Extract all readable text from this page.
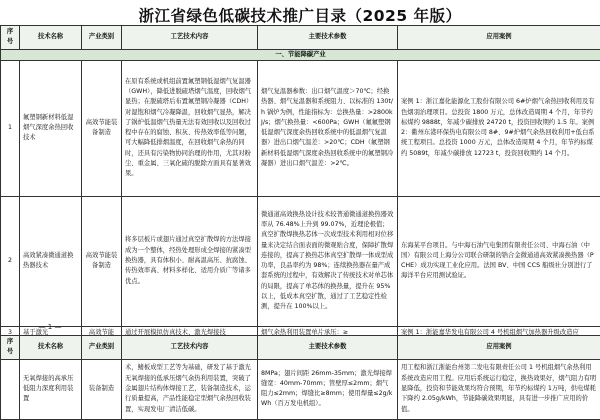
浙江省绿色低碳技术推广目录（2025 年版）
序号	技术名称	产业类别	工艺技术内容	主要技术参数	应用案例
一、节能降碳产业					
1	氟塑钢新材料低湿烟气深度余热回收技术	高效节能装备制造	在原有系统或机组前置氟塑钢低湿烟气复温器（GWH），降低进脱硫塔烟气温度，回收烟气显热；在脱硫塔后布置氟塑钢冷凝器（CDH）对湿饱和烟气冷凝降温，回收烟气显热，解决了锅炉低温烟气热量无法有效回收以及回收过程中存在的腐蚀、积灰、传热效率低等问题，可大幅降低排烟温度，在回收烟气余热的同时，还具有污染物协同治理的作用，尤其对粉尘、重金属、三氧化硫的脱除方面具有显著效果。	烟气复温器参数：出口烟气温度＞70℃；经换热器、烟气复温器和系统阻力、以标准的 130t/h 锅炉为例，性能指标为：总换热量：>2800kJ/s；烟气换热量：<600Pa；GWH（氟氟塑钢低湿烟气深度余热回收系统中的低温烟气复温器）进出口烟气温差：>20℃；CDH（氟塑钢新材料低湿烟气深度余热回收系统中的氟塑钢冷凝器）进出口烟气温差：>2℃。	案例 1：浙江嘉化能源化工股份有限公司 6#炉烟气余热回收利用及有色烟羽治理项目。总投资 1800 万元，总体改造周期 4 个月，年节约标煤约 9888t，年减少碳排放 24720 t，投资回收期约 1.5 年。案例 2：衢州东港环保热电有限公司 8#、9#炉烟气余热回收利用+低白系统工程项目。总投资 1000 万元，总体改造周期 4 个月，年节约标煤约 5089t，年减少碳排放 12723 t，投资回收期约 14 个月。
2	高效紧凑微通道换热器技术	高效节能装备制造	将多层板片或翅片通过真空扩散焊的方法焊接成为一个整体，经热处理形成全焊接的紧凑型换热器，具有体积小、耐高温高压、抗腐蚀、传热效率高、材料多样化、适用介质广等诸多优点。	微通道高效换热设计技术较普通微通道换热器效率从 76.48%上升到 99.07%，近理论极值；真空扩散焊换热芯体一次成型技术利用相对位移量来决定结合面表面的微观贴合度，保障扩散焊连接的，提高了换热芯体真空扩散焊一体成型成功率，良品率约为 98%；连续换热器在量产成套系统的过程中，有效解决了传统技术对单芯体的局限，提高了单芯体的换热量，提升在 95%以上，低成本真空扩散，通过了工艺稳定性检测，提升在 100%以上。	东海某平台项目。与中海石油气电集团有限责任公司、中海石油（中国）有限公司上海分公司联合研制的锆合金微通道高效紧凑换热器（PCHE）成功实现工业化应用。法国 BV、中国 CCS 船级社分别进行了海洋平台应用测试验证。
3	基于激光	高效节能	通过开展模拟仿真技术、激光焊接技	烟气余热利用装置单片承压：≥	案例 1：浙能嘉华发电有限公司 4 号机组烟气加热器升级改造应
— 1 —
序号	技术名称	产业类别	工艺技术内容	主要技术参数	应用案例
	无氧焊接的高承压低阻力深度利用装置	装备制造	术，鳍板成型工艺等为基础，研发了基于激光无氧焊接的低承压烟气余热利用装置，突破了金属翅片结构体焊接工艺，装备制造技术，运行质量提高，产品性能稳定型烟气余热回收装置，实现发电厂清洁低碳。	8MPa；翅片间距 26mm-35mm；激光焊接焊缝宽：40mm-70mm；管壁厚≤2mm；烟气阻力≤2mm；焊缝比≥8mm；使用焊量≤2g/kWh（百万发电机组）。	用工程和浙江浙能台州第二发电有限责任公司 1 号机组烟气余热利用系统改造应用工程。应用后系统运行稳定，换热效果好，烟气阻力有明显降低，投资和节能效果均符合预期，年节约标煤约 1万吨，供电煤耗下降约 2.05g/kWh，节能降碳效果明显，具有进一步推广应用的价值。
